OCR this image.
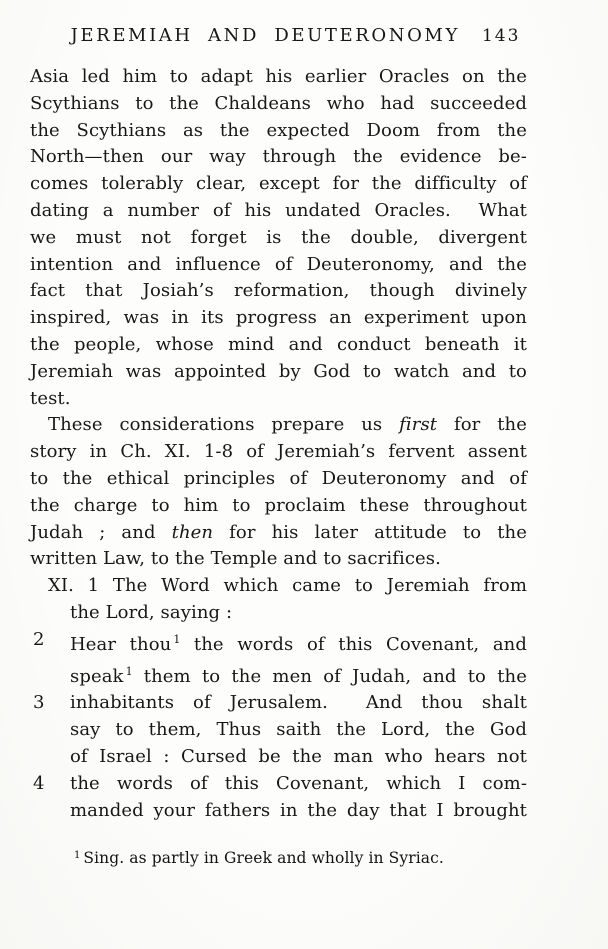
JEREMIAH AND DEUTERONOMY 143
Asia led him to adapt his earlier Oracles on the
Scythians to the Chaldeans who had succeeded
the Scythians as the expected Doom from the
North—then our way through the evidence be-
comes tolerably clear, except for the difficulty of
dating a number of his undated Oracles.  What
we must not forget is the double, divergent
intention and influence of Deuteronomy, and the
fact that Josiah’s reformation, though divinely
inspired, was in its progress an experiment upon
the people, whose mind and conduct beneath it
Jeremiah was appointed by God to watch and to
test.
These considerations prepare us first for the
story in Ch. XI. 1-8 of Jeremiah’s fervent assent
to the ethical principles of Deuteronomy and of
the charge to him to proclaim these throughout
Judah ; and then for his later attitude to the
written Law, to the Temple and to sacrifices.
XI. 1 The Word which came to Jeremiah from
the Lord, saying :
2 Hear thou $^1$ the words of this Covenant, and
speak $^1$ them to the men of Judah, and to the
3 inhabitants of Jerusalem.  And thou shalt
say to them, Thus saith the Lord, the God
of Israel : Cursed be the man who hears not
4 the words of this Covenant, which I com-
manded your fathers in the day that I brought
$^1$ Sing. as partly in Greek and wholly in Syriac.
